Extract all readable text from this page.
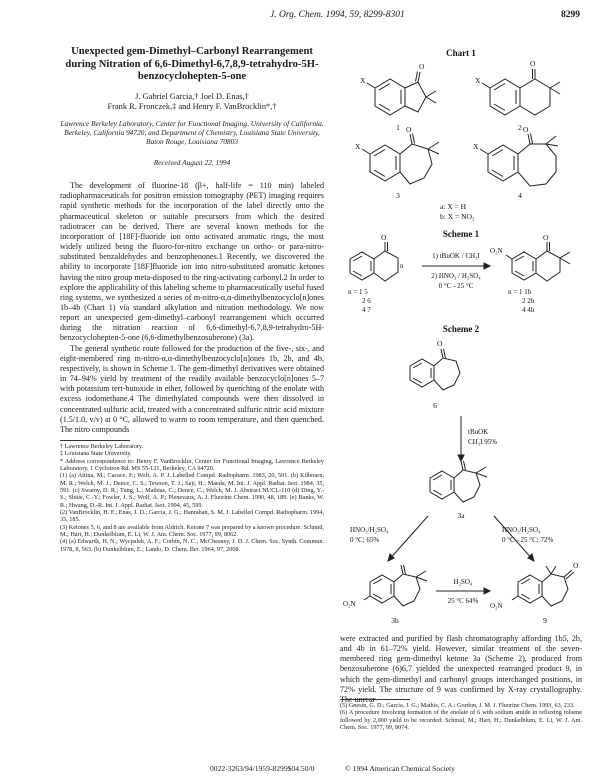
J. Org. Chem. 1994, 59, 8299-8301	8299
Unexpected gem-Dimethyl–Carbonyl Rearrangement during Nitration of 6,6-Dimethyl-6,7,8,9-tetrahydro-5H-benzocyclohepten-5-one
J. Gabriel Garcia,† Joel D. Enas,†
Frank R. Fronczek,‡ and Henry F. VanBrocklin*,†
Lawrence Berkeley Laboratory, Center for Functional Imaging, University of California, Berkeley, California 94720, and Department of Chemistry, Louisiana State University, Baton Rouge, Louisiana 70803
Received August 22, 1994

The development of fluorine-18 (β+, half-life = 110 min) labeled radiopharmaceuticals for positron emission tomography (PET) imaging requires rapid synthetic methods for the incorporation of the label directly onto the pharmaceutical skeleton or suitable precursors from which the desired radiotracer can be derived. There are several known methods for the incorporation of [18F]-fluoride ion onto activated aromatic rings, the most widely utilized being the fluoro-for-nitro exchange on ortho- or para-nitro-substituted benzaldehydes and benzophenones.1 Recently, we discovered the ability to incorporate [18F]fluoride ion into nitro-substituted aromatic ketones having the nitro group meta-disposed to the ring-activating carbonyl.2 In order to explore the applicability of this labeling scheme to pharmaceutically useful fused ring systems, we synthesized a series of m-nitro-α,α-dimethylbenzocyclo[n]ones 1b–4b (Chart 1) via standard alkylation and nitration methodology. We now report an unexpected gem-dimethyl–carbonyl rearrangement which occurred during the nitration reaction of 6,6-dimethyl-6,7,8,9-tetrahydro-5H-benzocyclohepten-5-one (6,6-dimethylbenzosuberone) (3a).

The general synthetic route followed for the production of the five-, six-, and eight-membered ring m-nitro-α,α-dimethylbenzocyclo[n]ones 1b, 2b, and 4b, respectively, is shown in Scheme 1. The gem-dimethyl derivatives were obtained in 74–94% yield by treatment of the readily available benzocyclo[n]ones 5–7 with potassium tert-butoxide in ether, followed by quenching of the enolate with excess iodomethane.4 The dimethylated compounds were then dissolved in concentrated sulfuric acid, treated with a concentrated sulfuric nitric acid mixture (1.5/1.0, v/v) at 0 °C, allowed to warm to room temperature, and then quenched. The nitro compounds

† Lawrence Berkeley Laboratory.
‡ Louisiana State University.
* Address correspondence to: Henry F. VanBrocklin, Center for Functional Imaging, Lawrence Berkeley Laboratory, 1 Cyclotron Rd. MS 55-121, Berkeley, CA 94720.
(1) (a) Attina, M.; Cacace, F.; Wolf, A. P. J. Labelled Compd. Radiopharm. 1983, 20, 501. (b) Kilbourn, M. R.; Welch, M. J.; Dence, C. S.; Tewson, T. J.; Saji, H.; Maeda, M. Int. J. Appl. Radiat. Isot. 1984, 35, 591. (c) Swamy, D. R.; Tung, L.; Mathias, C.; Dence, C.; Welch, M. J. Abstract NUCL-110 (d) Ding, Y.-S.; Shiue, C.-Y.; Fowler, J. S.; Wolf, A. P.; Plenevaux, A. J. Fluorine Chem. 1990, 48, 189. (e) Banks, W. R.; Hwang, D.-R. Int. J. Appl. Radiat. Isot. 1994, 45, 599.
(2) VanBrocklin, H. F.; Enas, J. D.; Garcia, J. G.; Hanrahan, S. M. J. Labelled Compd. Radiopharm. 1994, 35, 185.
(3) Ketones 5, 6, and 8 are available from Aldrich. Ketone 7 was prepared by a known procedure: Schmid, M.; Hart, H.; Dunkelblum, E. Li, W. J. Am. Chem. Soc. 1977, 99, 8062.
(4) (a) Edwards, H. N.; Wycpalek, A. F.; Corbin, N. C.; McChesney, J. D. J. Chem. Soc. Synth. Commun. 1978, 8, 563. (b) Dunkelblum, E.; Lando, D. Chem. Ber. 1964, 97, 2008.
Chart 1
O
X
1
O
X
2
O
X
3
O
X
4
a: X = H
b: X = NO₂
Scheme 1
O
n
n = 1 5
2 6
4 7
1) tBuOK / CH₃I
2) HNO₃ / H₂SO₄
0 °C - 25 °C
O
O₂N
n = 1 1b
2 2b
4 4b
Scheme 2
O
6
tBuOK
CH₃I 95%
3a
HNO₃/H₂SO₄
0 °C; 65%
HNO₃/H₂SO₄
0 °C - 25 °C; 72%
O₂N
3b
H₂SO₄
25 °C 64%
O₂N
O
9
were extracted and purified by flash chromatography affording 1b5, 2b, and 4b in 61–72% yield. However, similar treatment of the seven-membered ring gem-dimethyl ketone 3a (Scheme 2), produced from benzosuberone (6)6,7 yielded the unexpected rearranged product 9, in which the gem-dimethyl and carbonyl groups interchanged positions, in 72% yield. The structure of 9 was confirmed by X-ray crystallography. The unrear-
(5) Gnesin, G. D.; Garcia, J. G.; Mathis, C. A.; Gordon, J. M. J. Fluorine Chem. 1993, 63, 233.
(6) A procedure involving formation of the enolate of 6 with sodium amide in refluxing toluene followed by 2,000 yield to be recorded: Schmid, M.; Hart, H.; Dunkelblum, E. Li, W. J. Am. Chem. Soc. 1977, 99, 8074.
0022-3263/94/1959-8299$04.50/0	© 1994 American Chemical Society
